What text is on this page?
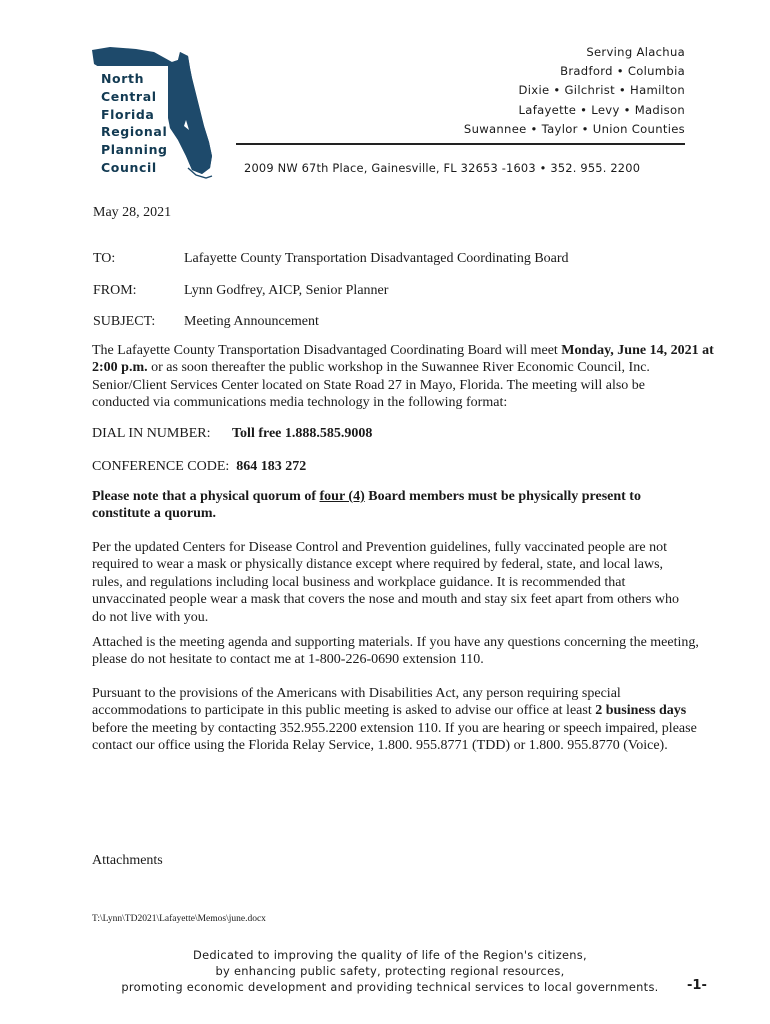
North
Central
Florida
Regional
Planning
Council
Serving Alachua
Bradford • Columbia
Dixie • Gilchrist • Hamilton
Lafayette • Levy • Madison
Suwannee • Taylor • Union Counties
2009 NW 67th Place, Gainesville, FL 32653 -1603 • 352. 955. 2200
May 28, 2021
TO:	Lafayette County Transportation Disadvantaged Coordinating Board
FROM:	Lynn Godfrey, AICP, Senior Planner
SUBJECT: Meeting Announcement
The Lafayette County Transportation Disadvantaged Coordinating Board will meet Monday, June 14, 2021 at
2:00 p.m. or as soon thereafter the public workshop in the Suwannee River Economic Council, Inc.
Senior/Client Services Center located on State Road 27 in Mayo, Florida. The meeting will also be
conducted via communications media technology in the following format:
DIAL IN NUMBER: Toll free 1.888.585.9008
CONFERENCE CODE: 864 183 272
Please note that a physical quorum of four (4) Board members must be physically present to
constitute a quorum.
Per the updated Centers for Disease Control and Prevention guidelines, fully vaccinated people are not
required to wear a mask or physically distance except where required by federal, state, and local laws,
rules, and regulations including local business and workplace guidance. It is recommended that
unvaccinated people wear a mask that covers the nose and mouth and stay six feet apart from others who
do not live with you.
Attached is the meeting agenda and supporting materials. If you have any questions concerning the meeting,
please do not hesitate to contact me at 1-800-226-0690 extension 110.
Pursuant to the provisions of the Americans with Disabilities Act, any person requiring special
accommodations to participate in this public meeting is asked to advise our office at least 2 business days
before the meeting by contacting 352.955.2200 extension 110. If you are hearing or speech impaired, please
contact our office using the Florida Relay Service, 1.800. 955.8771 (TDD) or 1.800. 955.8770 (Voice).
Attachments
T:\Lynn\TD2021\Lafayette\Memos\june.docx
Dedicated to improving the quality of life of the Region's citizens,
by enhancing public safety, protecting regional resources,
promoting economic development and providing technical services to local governments.	-1-
